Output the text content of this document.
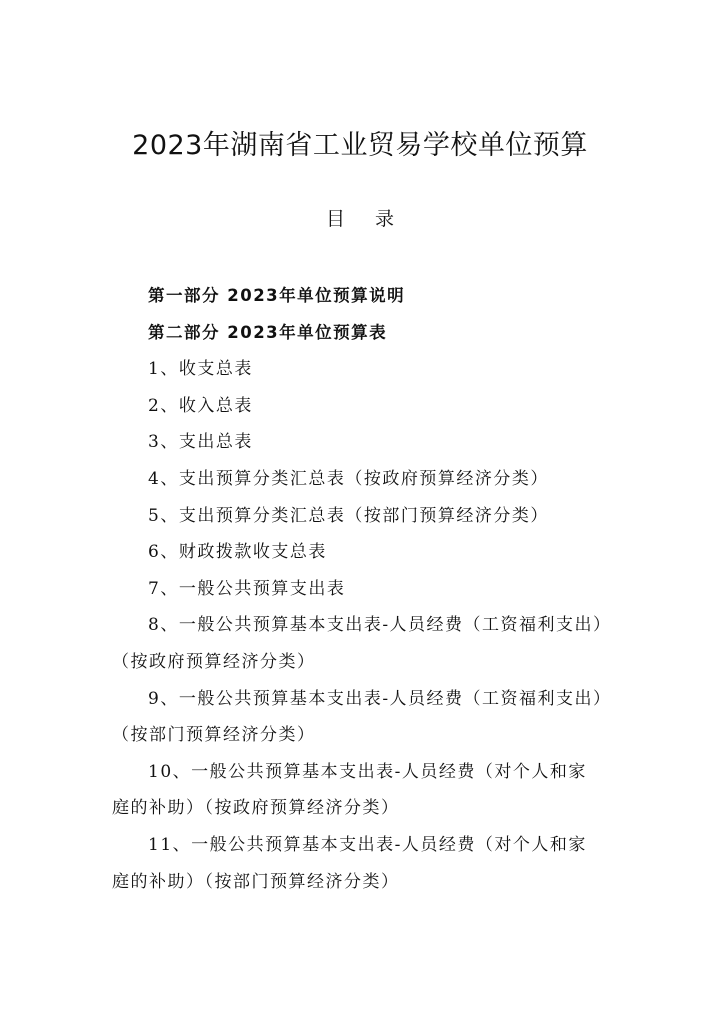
2023年湖南省工业贸易学校单位预算
目 录
第一部分 2023年单位预算说明
第二部分 2023年单位预算表
1、收支总表
2、收入总表
3、支出总表
4、支出预算分类汇总表（按政府预算经济分类）
5、支出预算分类汇总表（按部门预算经济分类）
6、财政拨款收支总表
7、一般公共预算支出表
8、一般公共预算基本支出表-人员经费（工资福利支出）
（按政府预算经济分类）
9、一般公共预算基本支出表-人员经费（工资福利支出）
（按部门预算经济分类）
10、一般公共预算基本支出表-人员经费（对个人和家
庭的补助）（按政府预算经济分类）
11、一般公共预算基本支出表-人员经费（对个人和家
庭的补助）（按部门预算经济分类）
